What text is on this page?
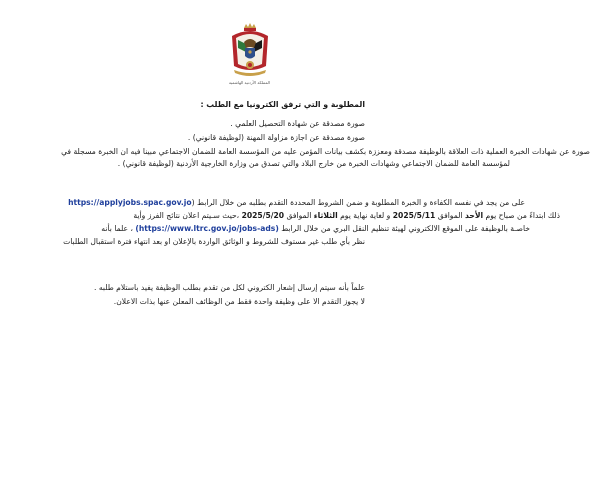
المملكة الأردنية الهاشمية
المطلوبة و التي ترفق الكترونيا مع الطلب :
صورة مصدقة عن شهادة التحصيل العلمي .
صورة مصدقة عن اجازة مزاولة المهنة (لوظيفة قانوني) .
صورة عن شهادات الخبرة العملية ذات العلاقة بالوظيفة مصدقة ومعززة بكشف بيانات المؤمن عليه من المؤسسة العامة للضمان الاجتماعي مبينا فيه ان الخبرة مسجلة في
لمؤسسة العامة للضمان الاجتماعي وشهادات الخبرة من خارج البلاد والتي تصدق من وزارة الخارجية الأردنية (لوظيفة قانوني) .
على من يجد في نفسه الكفاءة و الخبرة المطلوبة و ضمن الشروط المحددة التقدم بطلبه من خلال الرابط (https://applyjobs.spac.gov.jo
ذلك ابتداءً من صباح يوم الأحد الموافق 2025/5/11 و لغاية نهاية يوم الثلاثاء الموافق 2025/5/20 ،حيث سـيتم اعلان نتائج الفرز وأية
خاصـة بالوظيفة على الموقع الالكتروني لهيئة تنظيم النقل البري من خلال الرابط (https://www.ltrc.gov.jo/jobs-ads) ، علما بأنه
نظر بأي طلب غير مستوف للشروط و الوثائق الواردة بالإعلان او بعد انتهاء فترة استقبال الطلبات
علماً بأنه سيتم إرسال إشعار الكتروني لكل من تقدم بطلب الوظيفة يفيد باستلام طلبه .
لا يجوز التقدم الا على وظيفة واحدة فقط من الوظائف المعلن عنها بذات الاعلان.
